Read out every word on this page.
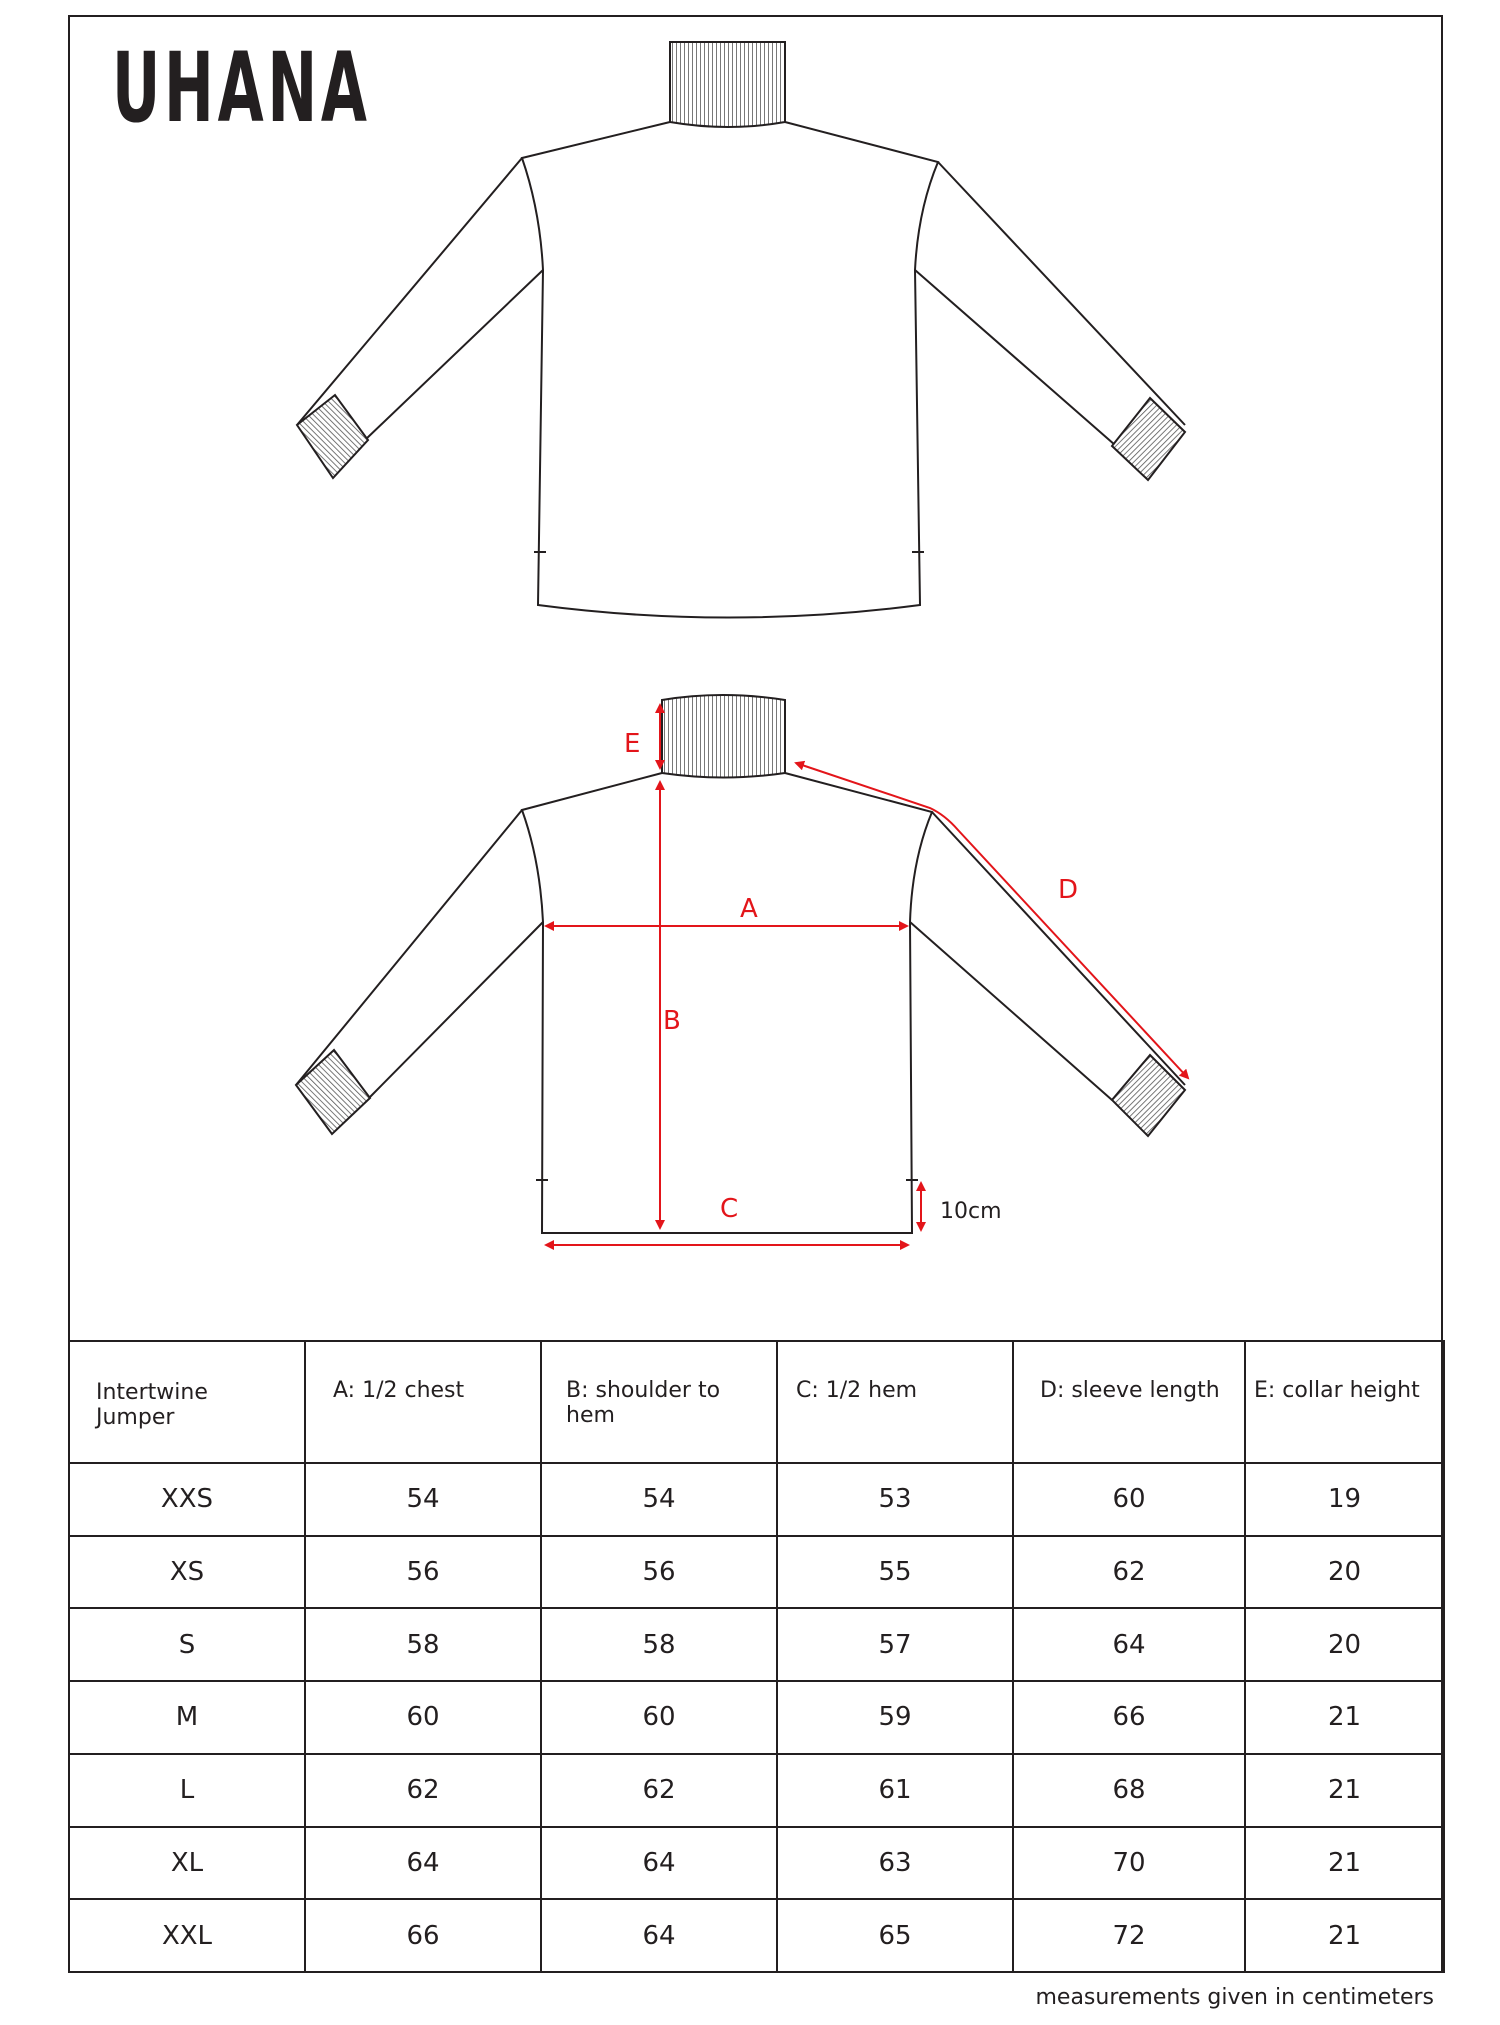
UHANA
E
A
B
C
D
10cm
Intertwine Jumper	A: 1/2 chest	B: shoulder to hem	C: 1/2 hem	D: sleeve length	E: collar height
XXS	54	54	53	60	19
XS	56	56	55	62	20
S	58	58	57	64	20
M	60	60	59	66	21
L	62	62	61	68	21
XL	64	64	63	70	21
XXL	66	64	65	72	21
measurements given in centimeters
